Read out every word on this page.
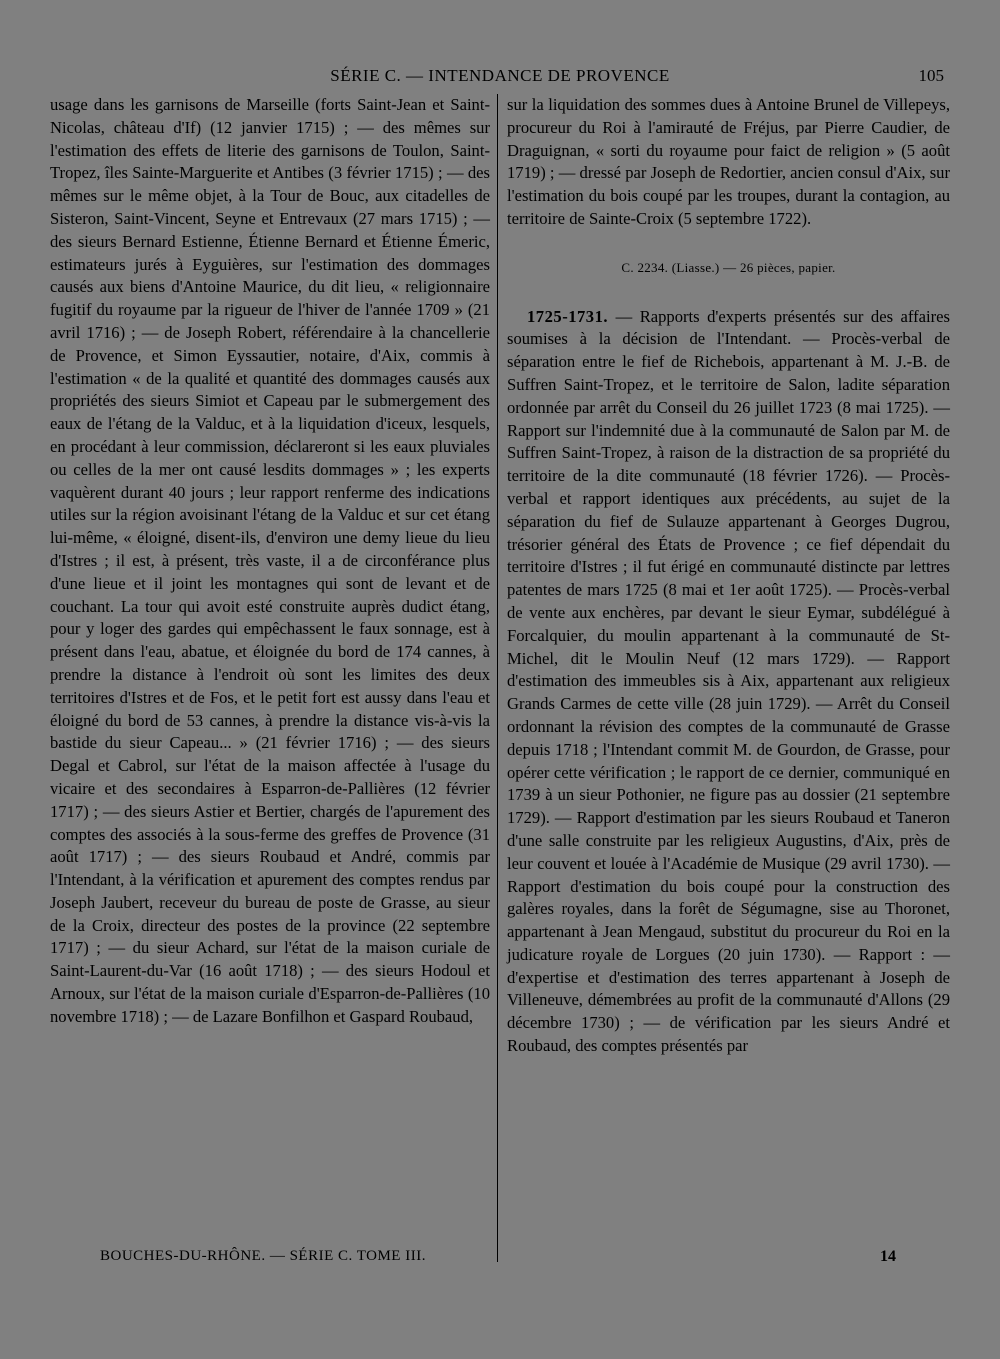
SÉRIE C. — INTENDANCE DE PROVENCE	105

usage dans les garnisons de Marseille (forts Saint-Jean et Saint-Nicolas, château d'If) (12 janvier 1715) ; — des mêmes sur l'estimation des effets de literie des garnisons de Toulon, Saint-Tropez, îles Sainte-Marguerite et Antibes (3 février 1715) ; — des mêmes sur le même objet, à la Tour de Bouc, aux citadelles de Sisteron, Saint-Vincent, Seyne et Entrevaux (27 mars 1715) ; — des sieurs Bernard Estienne, Étienne Bernard et Étienne Émeric, estimateurs jurés à Eyguières, sur l'estimation des dommages causés aux biens d'Antoine Maurice, du dit lieu, « religionnaire fugitif du royaume par la rigueur de l'hiver de l'année 1709 » (21 avril 1716) ; — de Joseph Robert, référendaire à la chancellerie de Provence, et Simon Eyssautier, notaire, d'Aix, commis à l'estimation « de la qualité et quantité des dommages causés aux propriétés des sieurs Simiot et Capeau par le submergement des eaux de l'étang de la Valduc, et à la liquidation d'iceux, lesquels, en procédant à leur commission, déclareront si les eaux pluviales ou celles de la mer ont causé lesdits dommages » ; les experts vaquèrent durant 40 jours ; leur rapport renferme des indications utiles sur la région avoisinant l'étang de la Valduc et sur cet étang lui-même, « éloigné, disent-ils, d'environ une demy lieue du lieu d'Istres ; il est, à présent, très vaste, il a de circonférance plus d'une lieue et il joint les montagnes qui sont de levant et de couchant. La tour qui avoit esté construite auprès dudict étang, pour y loger des gardes qui empêchassent le faux sonnage, est à présent dans l'eau, abatue, et éloignée du bord de 174 cannes, à prendre la distance à l'endroit où sont les limites des deux territoires d'Istres et de Fos, et le petit fort est aussy dans l'eau et éloigné du bord de 53 cannes, à prendre la distance vis-à-vis la bastide du sieur Capeau... » (21 février 1716) ; — des sieurs Degal et Cabrol, sur l'état de la maison affectée à l'usage du vicaire et des secondaires à Esparron-de-Pallières (12 février 1717) ; — des sieurs Astier et Bertier, chargés de l'apurement des comptes des associés à la sous-ferme des greffes de Provence (31 août 1717) ; — des sieurs Roubaud et André, commis par l'Intendant, à la vérification et apurement des comptes rendus par Joseph Jaubert, receveur du bureau de poste de Grasse, au sieur de la Croix, directeur des postes de la province (22 septembre 1717) ; — du sieur Achard, sur l'état de la maison curiale de Saint-Laurent-du-Var (16 août 1718) ; — des sieurs Hodoul et Arnoux, sur l'état de la maison curiale d'Esparron-de-Pallières (10 novembre 1718) ; — de Lazare Bonfilhon et Gaspard Roubaud,

sur la liquidation des sommes dues à Antoine Brunel de Villepeys, procureur du Roi à l'amirauté de Fréjus, par Pierre Caudier, de Draguignan, « sorti du royaume pour faict de religion » (5 août 1719) ; — dressé par Joseph de Redortier, ancien consul d'Aix, sur l'estimation du bois coupé par les troupes, durant la contagion, au territoire de Sainte-Croix (5 septembre 1722).

C. 2234. (Liasse.) — 26 pièces, papier.

1725-1731. — Rapports d'experts présentés sur des affaires soumises à la décision de l'Intendant. — Procès-verbal de séparation entre le fief de Richebois, appartenant à M. J.-B. de Suffren Saint-Tropez, et le territoire de Salon, ladite séparation ordonnée par arrêt du Conseil du 26 juillet 1723 (8 mai 1725). — Rapport sur l'indemnité due à la communauté de Salon par M. de Suffren Saint-Tropez, à raison de la distraction de sa propriété du territoire de la dite communauté (18 février 1726). — Procès-verbal et rapport identiques aux précédents, au sujet de la séparation du fief de Sulauze appartenant à Georges Dugrou, trésorier général des États de Provence ; ce fief dépendait du territoire d'Istres ; il fut érigé en communauté distincte par lettres patentes de mars 1725 (8 mai et 1er août 1725). — Procès-verbal de vente aux enchères, par devant le sieur Eymar, subdélégué à Forcalquier, du moulin appartenant à la communauté de St-Michel, dit le Moulin Neuf (12 mars 1729). — Rapport d'estimation des immeubles sis à Aix, appartenant aux religieux Grands Carmes de cette ville (28 juin 1729). — Arrêt du Conseil ordonnant la révision des comptes de la communauté de Grasse depuis 1718 ; l'Intendant commit M. de Gourdon, de Grasse, pour opérer cette vérification ; le rapport de ce dernier, communiqué en 1739 à un sieur Pothonier, ne figure pas au dossier (21 septembre 1729). — Rapport d'estimation par les sieurs Roubaud et Taneron d'une salle construite par les religieux Augustins, d'Aix, près de leur couvent et louée à l'Académie de Musique (29 avril 1730). — Rapport d'estimation du bois coupé pour la construction des galères royales, dans la forêt de Ségumagne, sise au Thoronet, appartenant à Jean Mengaud, substitut du procureur du Roi en la judicature royale de Lorgues (20 juin 1730). — Rapport : — d'expertise et d'estimation des terres appartenant à Joseph de Villeneuve, démembrées au profit de la communauté d'Allons (29 décembre 1730) ; — de vérification par les sieurs André et Roubaud, des comptes présentés par

BOUCHES-DU-RHÔNE. — SÉRIE C. TOME III.	14
